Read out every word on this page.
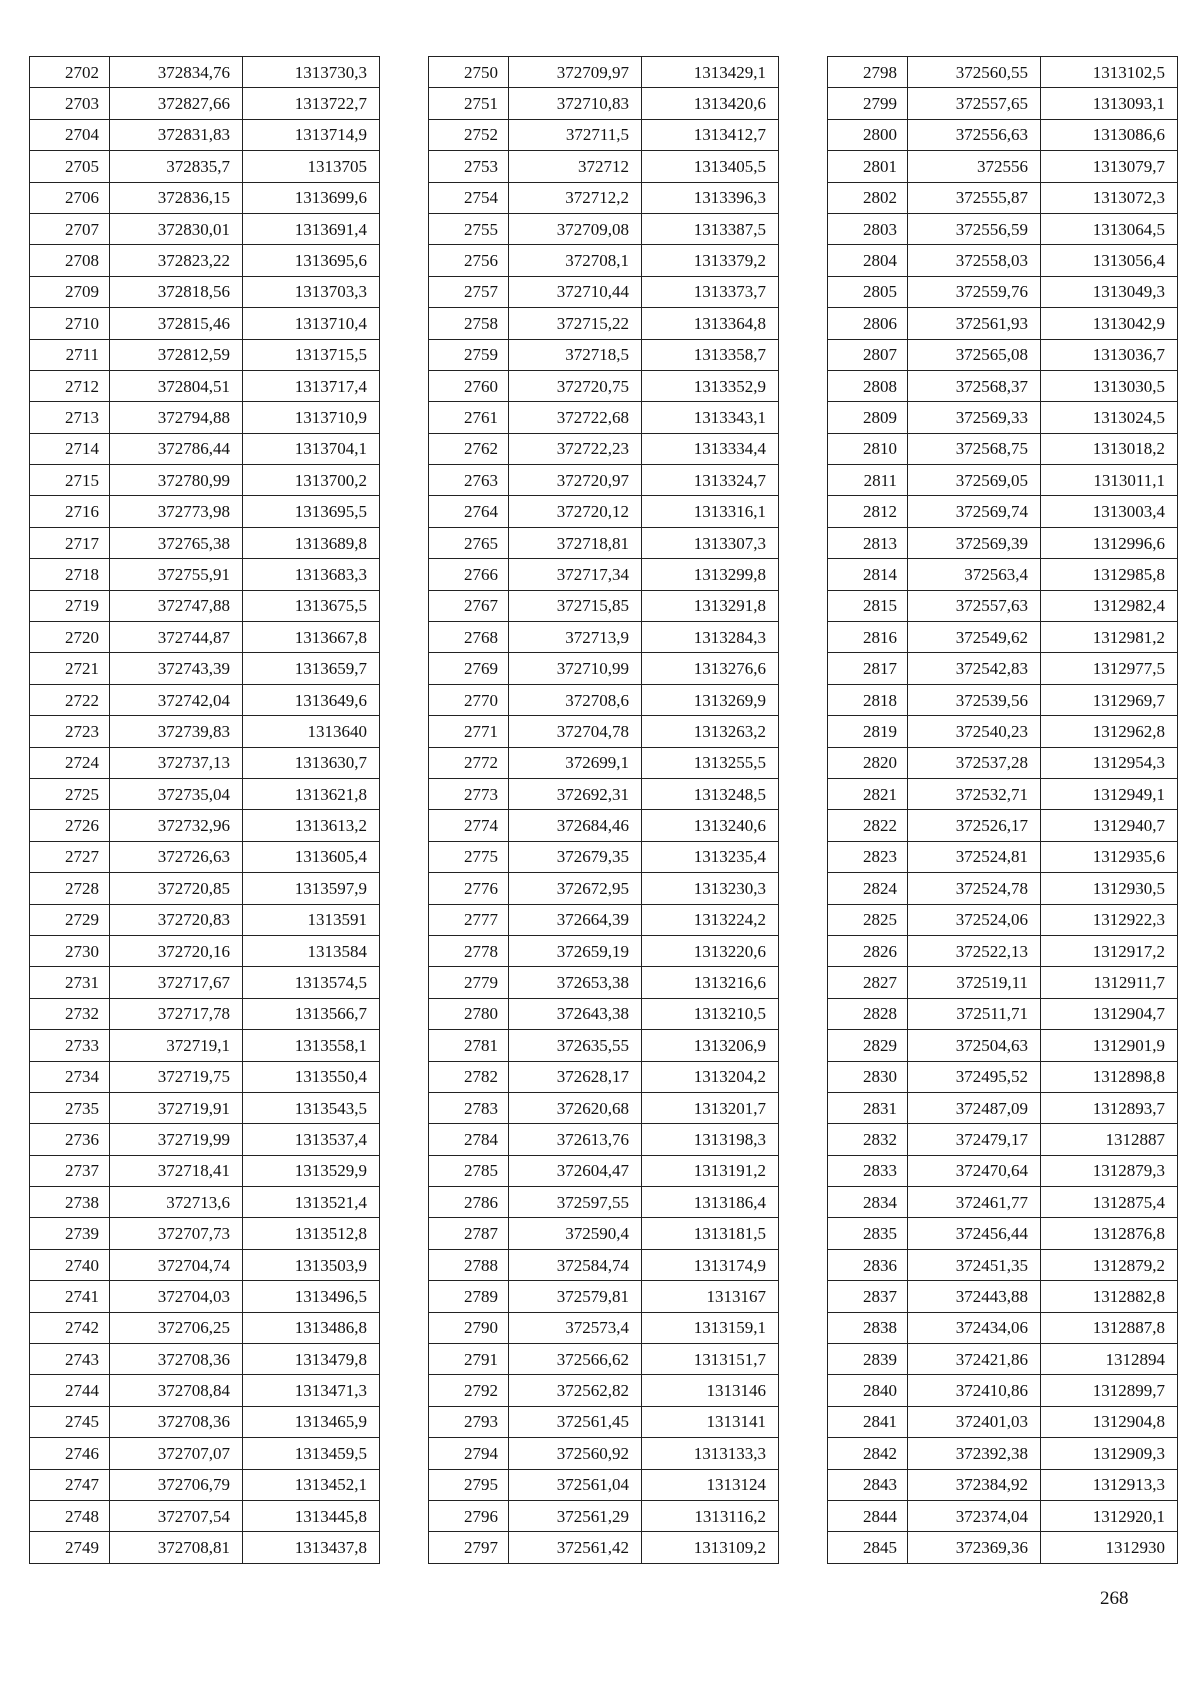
2702	372834,76	1313730,3
2703	372827,66	1313722,7
2704	372831,83	1313714,9
2705	372835,7	1313705
2706	372836,15	1313699,6
2707	372830,01	1313691,4
2708	372823,22	1313695,6
2709	372818,56	1313703,3
2710	372815,46	1313710,4
2711	372812,59	1313715,5
2712	372804,51	1313717,4
2713	372794,88	1313710,9
2714	372786,44	1313704,1
2715	372780,99	1313700,2
2716	372773,98	1313695,5
2717	372765,38	1313689,8
2718	372755,91	1313683,3
2719	372747,88	1313675,5
2720	372744,87	1313667,8
2721	372743,39	1313659,7
2722	372742,04	1313649,6
2723	372739,83	1313640
2724	372737,13	1313630,7
2725	372735,04	1313621,8
2726	372732,96	1313613,2
2727	372726,63	1313605,4
2728	372720,85	1313597,9
2729	372720,83	1313591
2730	372720,16	1313584
2731	372717,67	1313574,5
2732	372717,78	1313566,7
2733	372719,1	1313558,1
2734	372719,75	1313550,4
2735	372719,91	1313543,5
2736	372719,99	1313537,4
2737	372718,41	1313529,9
2738	372713,6	1313521,4
2739	372707,73	1313512,8
2740	372704,74	1313503,9
2741	372704,03	1313496,5
2742	372706,25	1313486,8
2743	372708,36	1313479,8
2744	372708,84	1313471,3
2745	372708,36	1313465,9
2746	372707,07	1313459,5
2747	372706,79	1313452,1
2748	372707,54	1313445,8
2749	372708,81	1313437,8
2750	372709,97	1313429,1
2751	372710,83	1313420,6
2752	372711,5	1313412,7
2753	372712	1313405,5
2754	372712,2	1313396,3
2755	372709,08	1313387,5
2756	372708,1	1313379,2
2757	372710,44	1313373,7
2758	372715,22	1313364,8
2759	372718,5	1313358,7
2760	372720,75	1313352,9
2761	372722,68	1313343,1
2762	372722,23	1313334,4
2763	372720,97	1313324,7
2764	372720,12	1313316,1
2765	372718,81	1313307,3
2766	372717,34	1313299,8
2767	372715,85	1313291,8
2768	372713,9	1313284,3
2769	372710,99	1313276,6
2770	372708,6	1313269,9
2771	372704,78	1313263,2
2772	372699,1	1313255,5
2773	372692,31	1313248,5
2774	372684,46	1313240,6
2775	372679,35	1313235,4
2776	372672,95	1313230,3
2777	372664,39	1313224,2
2778	372659,19	1313220,6
2779	372653,38	1313216,6
2780	372643,38	1313210,5
2781	372635,55	1313206,9
2782	372628,17	1313204,2
2783	372620,68	1313201,7
2784	372613,76	1313198,3
2785	372604,47	1313191,2
2786	372597,55	1313186,4
2787	372590,4	1313181,5
2788	372584,74	1313174,9
2789	372579,81	1313167
2790	372573,4	1313159,1
2791	372566,62	1313151,7
2792	372562,82	1313146
2793	372561,45	1313141
2794	372560,92	1313133,3
2795	372561,04	1313124
2796	372561,29	1313116,2
2797	372561,42	1313109,2
2798	372560,55	1313102,5
2799	372557,65	1313093,1
2800	372556,63	1313086,6
2801	372556	1313079,7
2802	372555,87	1313072,3
2803	372556,59	1313064,5
2804	372558,03	1313056,4
2805	372559,76	1313049,3
2806	372561,93	1313042,9
2807	372565,08	1313036,7
2808	372568,37	1313030,5
2809	372569,33	1313024,5
2810	372568,75	1313018,2
2811	372569,05	1313011,1
2812	372569,74	1313003,4
2813	372569,39	1312996,6
2814	372563,4	1312985,8
2815	372557,63	1312982,4
2816	372549,62	1312981,2
2817	372542,83	1312977,5
2818	372539,56	1312969,7
2819	372540,23	1312962,8
2820	372537,28	1312954,3
2821	372532,71	1312949,1
2822	372526,17	1312940,7
2823	372524,81	1312935,6
2824	372524,78	1312930,5
2825	372524,06	1312922,3
2826	372522,13	1312917,2
2827	372519,11	1312911,7
2828	372511,71	1312904,7
2829	372504,63	1312901,9
2830	372495,52	1312898,8
2831	372487,09	1312893,7
2832	372479,17	1312887
2833	372470,64	1312879,3
2834	372461,77	1312875,4
2835	372456,44	1312876,8
2836	372451,35	1312879,2
2837	372443,88	1312882,8
2838	372434,06	1312887,8
2839	372421,86	1312894
2840	372410,86	1312899,7
2841	372401,03	1312904,8
2842	372392,38	1312909,3
2843	372384,92	1312913,3
2844	372374,04	1312920,1
2845	372369,36	1312930
268
